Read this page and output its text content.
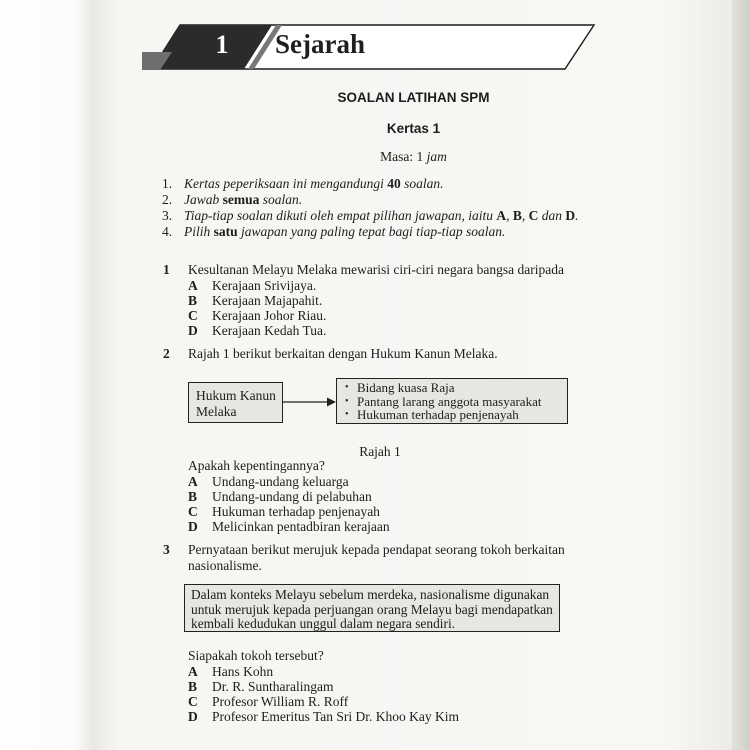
1	Sejarah
SOALAN LATIHAN SPM
Kertas 1
Masa: 1 jam
1. Kertas peperiksaan ini mengandungi 40 soalan.
2. Jawab semua soalan.
3. Tiap-tiap soalan dikuti oleh empat pilihan jawapan, iaitu A, B, C dan D.
4. Pilih satu jawapan yang paling tepat bagi tiap-tiap soalan.
1 Kesultanan Melayu Melaka mewarisi ciri-ciri negara bangsa daripada
A	Kerajaan Srivijaya.
B	Kerajaan Majapahit.
C	Kerajaan Johor Riau.
D	Kerajaan Kedah Tua.
2 Rajah 1 berikut berkaitan dengan Hukum Kanun Melaka.
Hukum Kanun
Melaka
• Bidang kuasa Raja
• Pantang larang anggota masyarakat
• Hukuman terhadap penjenayah
Rajah 1
Apakah kepentingannya?
A	Undang-undang keluarga
B	Undang-undang di pelabuhan
C	Hukuman terhadap penjenayah
D	Melicinkan pentadbiran kerajaan
3 Pernyataan berikut merujuk kepada pendapat seorang tokoh berkaitan
nasionalisme.
Dalam konteks Melayu sebelum merdeka, nasionalisme digunakan
untuk merujuk kepada perjuangan orang Melayu bagi mendapatkan
kembali kedudukan unggul dalam negara sendiri.
Siapakah tokoh tersebut?
A	Hans Kohn
B	Dr. R. Suntharalingam
C	Profesor William R. Roff
D	Profesor Emeritus Tan Sri Dr. Khoo Kay Kim
